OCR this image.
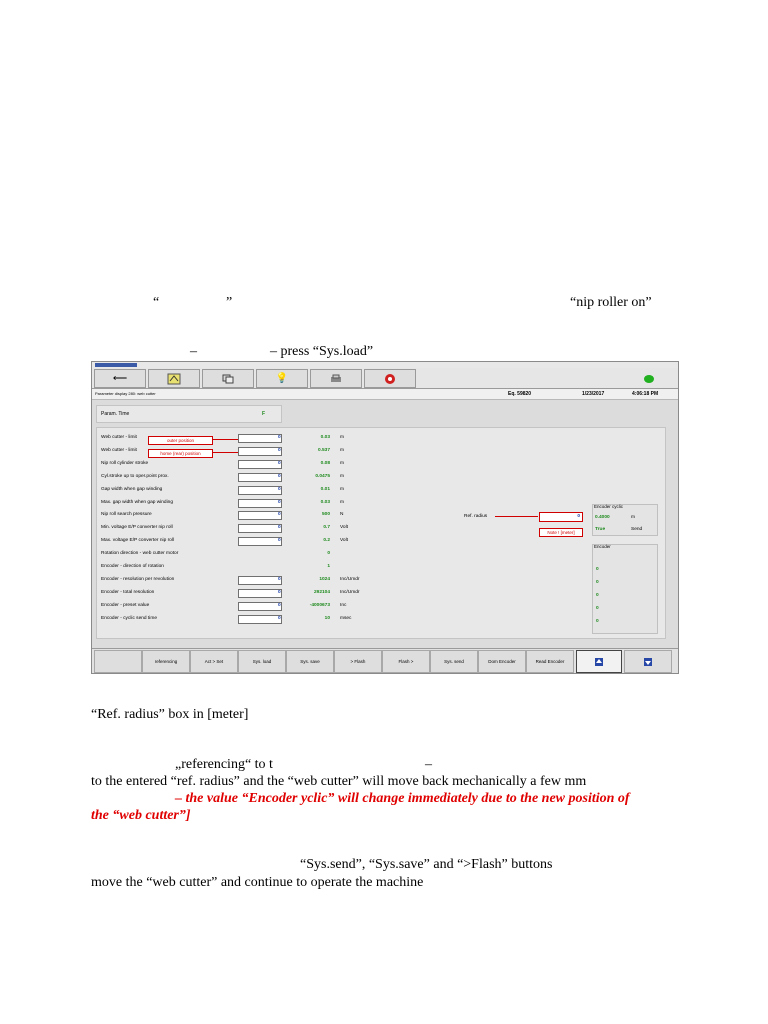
“	”	“nip roller on”
–	– press “Sys.load”
⟵	💡
Parameter display 280: web cutter	Eq. 59820	1/23/2017	4:06:18 PM
Param. Time	F
outer position
home (rear) position
Ref. radius	0
Note ! [meter]
Encoder cyclic
0.4000	m
True	Send
Encoder
0
0
0
0
0
referencing	Act > Set	Sys. load	Sys. save	> Flash	Flash >	Sys. send	Dom Encoder	Read Encoder
Web cutter - limit	0	0.03 m
Web cutter - limit	0	0.537 m
Nip roll cylinder stroke	0	0.08 m
Cyl.stroke up to oper.point prox.	0	0.0475 m
Gap width when gap winding	0	0.01 m
Max. gap width when gap winding	0	0.03 m
Nip roll search pressure	0	500 N
Min. voltage E/P converter nip roll	0	0.7 Volt
Max. voltage E/P converter nip roll	0	0.2 Volt
Rotation direction - web cutter motor	0
Encoder - direction of rotation	1
Encoder - resolution per revolution	0	1024 Inc/Umdr
Encoder - total resolution	0	292104 Inc/Umdr
Encoder - preset value	0	-4000673 Inc
Encoder - cyclic send time	0	10 msec
“Ref. radius” box in [meter]
„referencing“ to t	–
to the entered “ref. radius” and the “web cutter” will move back mechanically a few mm
– the value “Encoder yclic” will change immediately due to the new position of
the “web cutter”]
“Sys.send”, “Sys.save” and “>Flash” buttons
move the “web cutter” and continue to operate the machine
